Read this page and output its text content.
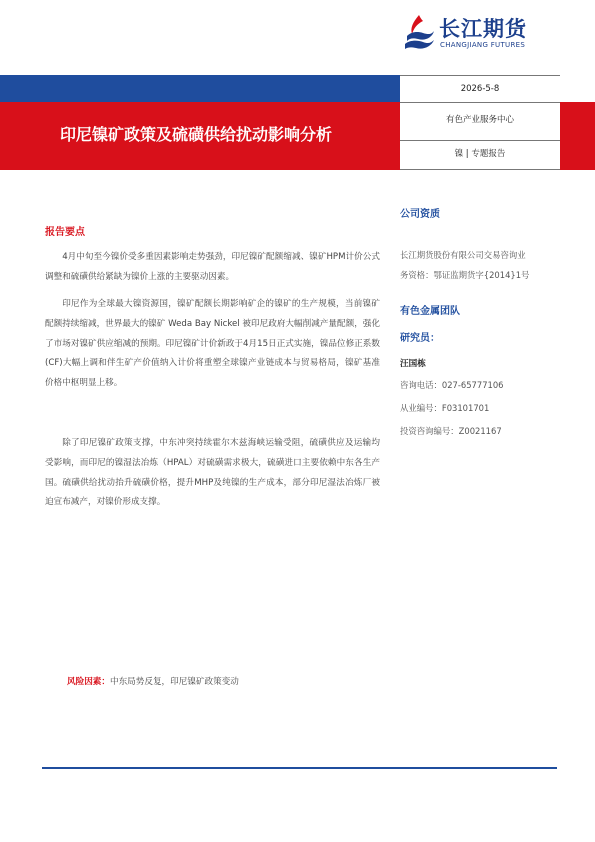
长江期货
CHANGJIANG FUTURES
印尼镍矿政策及硫磺供给扰动影响分析
2026-5-8
有色产业服务中心
镍 | 专题报告
报告要点

4月中旬至今镍价受多重因素影响走势强劲，印尼镍矿配额缩减、镍矿HPM计价公式调整和硫磺供给紧缺为镍价上涨的主要驱动因素。

印尼作为全球最大镍资源国，镍矿配额长期影响矿企的镍矿的生产规模，当前镍矿配额持续缩减，世界最大的镍矿 Weda Bay Nickel 被印尼政府大幅削减产量配额，强化了市场对镍矿供应缩减的预期。印尼镍矿计价新政于4月15日正式实施，镍品位修正系数(CF)大幅上调和伴生矿产价值纳入计价将重塑全球镍产业链成本与贸易格局，镍矿基准价格中枢明显上移。

除了印尼镍矿政策支撑，中东冲突持续霍尔木兹海峡运输受阻，硫磺供应及运输均受影响，而印尼的镍湿法冶炼（HPAL）对硫磺需求极大，硫磺进口主要依赖中东各生产国。硫磺供给扰动抬升硫磺价格，提升MHP及纯镍的生产成本，部分印尼湿法冶炼厂被迫宣布减产，对镍价形成支撑。

风险因素：中东局势反复，印尼镍矿政策变动
公司资质
长江期货股份有限公司交易咨询业
务资格：鄂证监期货字{2014}1号
有色金属团队
研究员：
汪国栋
咨询电话：027-65777106
从业编号：F03101701
投资咨询编号：Z0021167
